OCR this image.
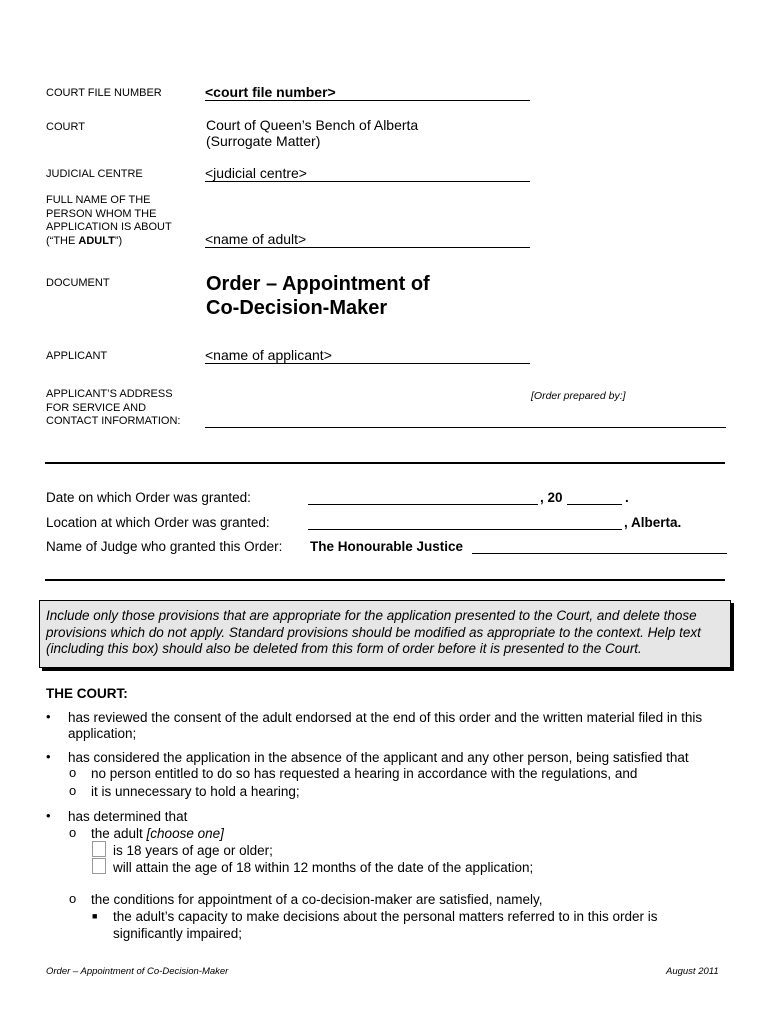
COURT FILE NUMBER	<court file number>
COURT	Court of Queen’s Bench of Alberta
(Surrogate Matter)
JUDICIAL CENTRE	<judicial centre>
FULL NAME OF THE
PERSON WHOM THE
APPLICATION IS ABOUT
(“THE ADULT”)	<name of adult>
DOCUMENT	Order – Appointment of
Co-Decision-Maker
APPLICANT	<name of applicant>
APPLICANT’S ADDRESS
FOR SERVICE AND
CONTACT INFORMATION:
[Order prepared by:]
Date on which Order was granted:	, 20	.
Location at which Order was granted:	, Alberta.
Name of Judge who granted this Order: The Honourable Justice
Include only those provisions that are appropriate for the application presented to the Court, and delete those
provisions which do not apply. Standard provisions should be modified as appropriate to the context. Help text
(including this box) should also be deleted from this form of order before it is presented to the Court.
THE COURT:
• has reviewed the consent of the adult endorsed at the end of this order and the written material filed in this
application;
• has considered the application in the absence of the applicant and any other person, being satisfied that
o no person entitled to do so has requested a hearing in accordance with the regulations, and
o it is unnecessary to hold a hearing;
• has determined that
o the adult [choose one]
is 18 years of age or older;
will attain the age of 18 within 12 months of the date of the application;
o the conditions for appointment of a co-decision-maker are satisfied, namely,
■ the adult’s capacity to make decisions about the personal matters referred to in this order is
significantly impaired;
Order – Appointment of Co-Decision-Maker	August 2011
